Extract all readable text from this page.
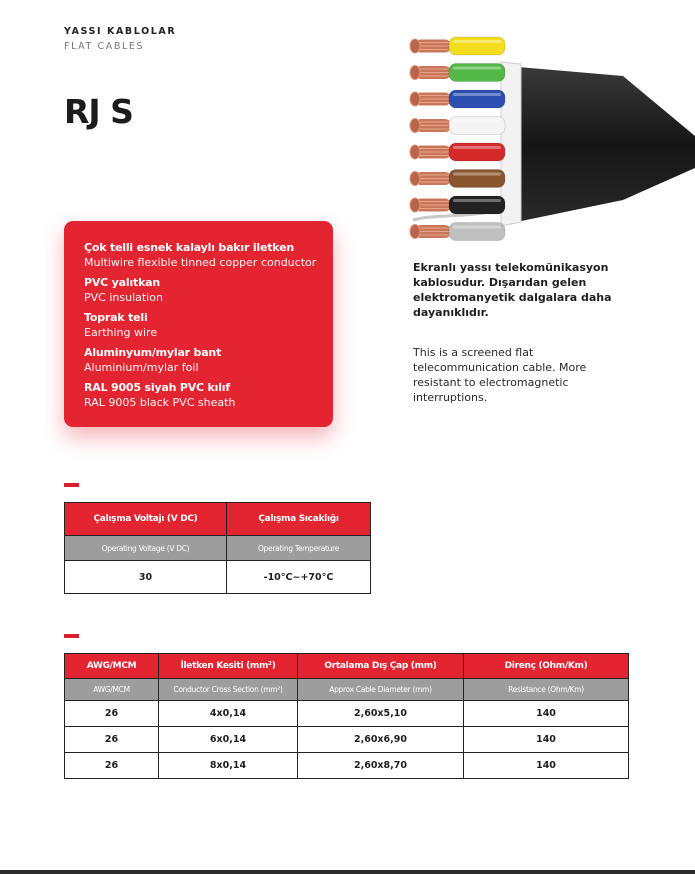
YASSI KABLOLAR
FLAT CABLES
RJ S
Çok telli esnek kalaylı bakır iletken
Multiwire flexible tinned copper conductor
PVC yalıtkan
PVC insulation
Toprak teli
Earthing wire
Aluminyum/mylar bant
Aluminium/mylar foil
RAL 9005 siyah PVC kılıf
RAL 9005 black PVC sheath
Ekranlı yassı telekomünikasyon kablosudur. Dışarıdan gelen elektromanyetik dalgalara daha dayanıklıdır.
This is a screened flat telecommunication cable. More resistant to electromagnetic interruptions.
Çalışma Voltajı (V DC)	Çalışma Sıcaklığı
Operating Voltage (V DC)	Operating Temperature
30	-10°C~+70°C
AWG/MCM	İletken Kesiti (mm²)	Ortalama Dış Çap (mm)	Direnç (Ohm/Km)
AWG/MCM	Conductor Cross Section (mm²)	Approx Cable Diameter (mm)	Resistance (Ohm/Km)
26	4x0,14	2,60x5,10	140
26	6x0,14	2,60x6,90	140
26	8x0,14	2,60x8,70	140
